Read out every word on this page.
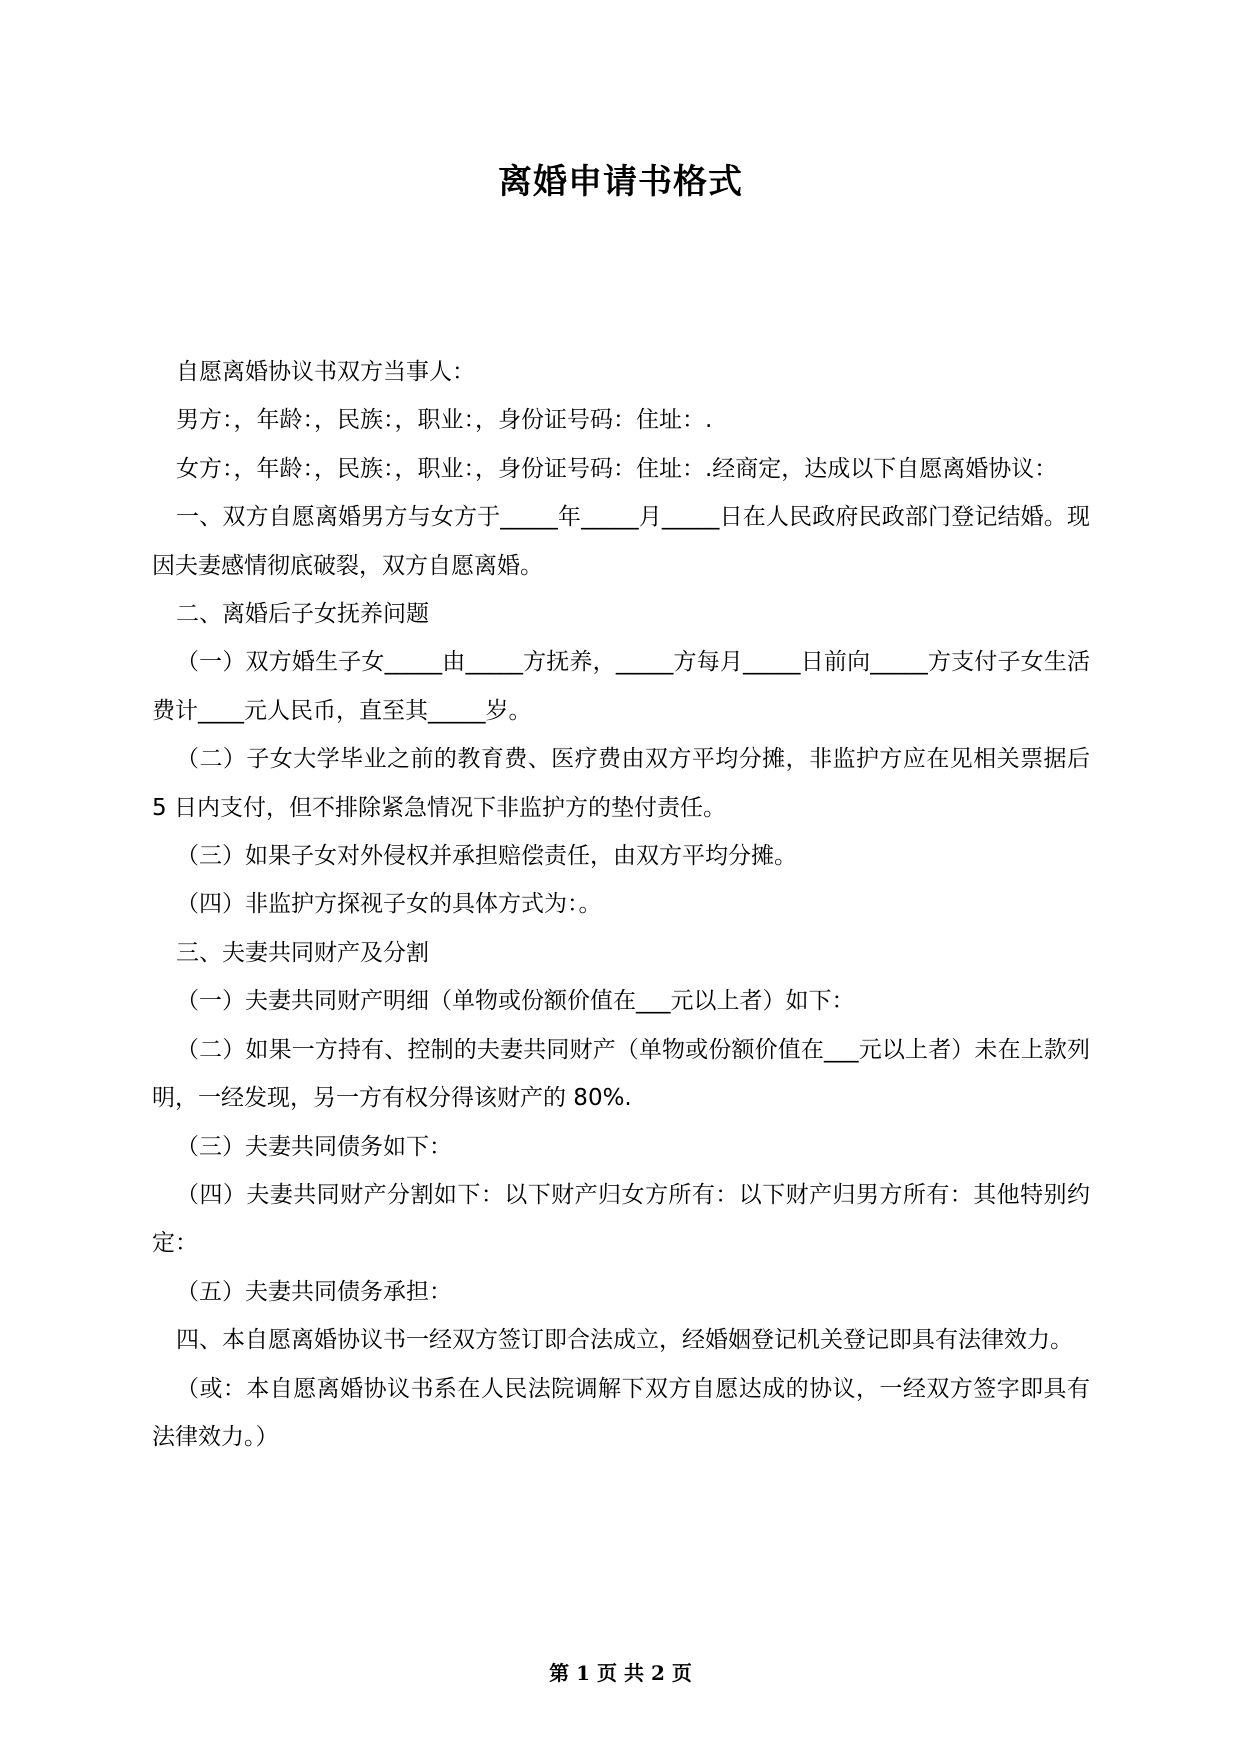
离婚申请书格式

自愿离婚协议书双方当事人：

男方：，年龄：，民族：，职业：，身份证号码：住址：.

女方：，年龄：，民族：，职业：，身份证号码：住址：.经商定，达成以下自愿离婚协议：

一、双方自愿离婚男方与女方于_____年_____月_____日在人民政府民政部门登记结婚。现因夫妻感情彻底破裂，双方自愿离婚。

二、离婚后子女抚养问题

（一）双方婚生子女_____由_____方抚养，_____方每月_____日前向_____方支付子女生活费计____元人民币，直至其_____岁。

（二）子女大学毕业之前的教育费、医疗费由双方平均分摊，非监护方应在见相关票据后 5 日内支付，但不排除紧急情况下非监护方的垫付责任。

（三）如果子女对外侵权并承担赔偿责任，由双方平均分摊。

（四）非监护方探视子女的具体方式为：。

三、夫妻共同财产及分割

（一）夫妻共同财产明细（单物或份额价值在___元以上者）如下：

（二）如果一方持有、控制的夫妻共同财产（单物或份额价值在___元以上者）未在上款列明，一经发现，另一方有权分得该财产的 80%.

（三）夫妻共同债务如下：

（四）夫妻共同财产分割如下：以下财产归女方所有：以下财产归男方所有：其他特别约定：

（五）夫妻共同债务承担：

四、本自愿离婚协议书一经双方签订即合法成立，经婚姻登记机关登记即具有法律效力。

（或：本自愿离婚协议书系在人民法院调解下双方自愿达成的协议，一经双方签字即具有法律效力。）

第 1 页 共 2 页
